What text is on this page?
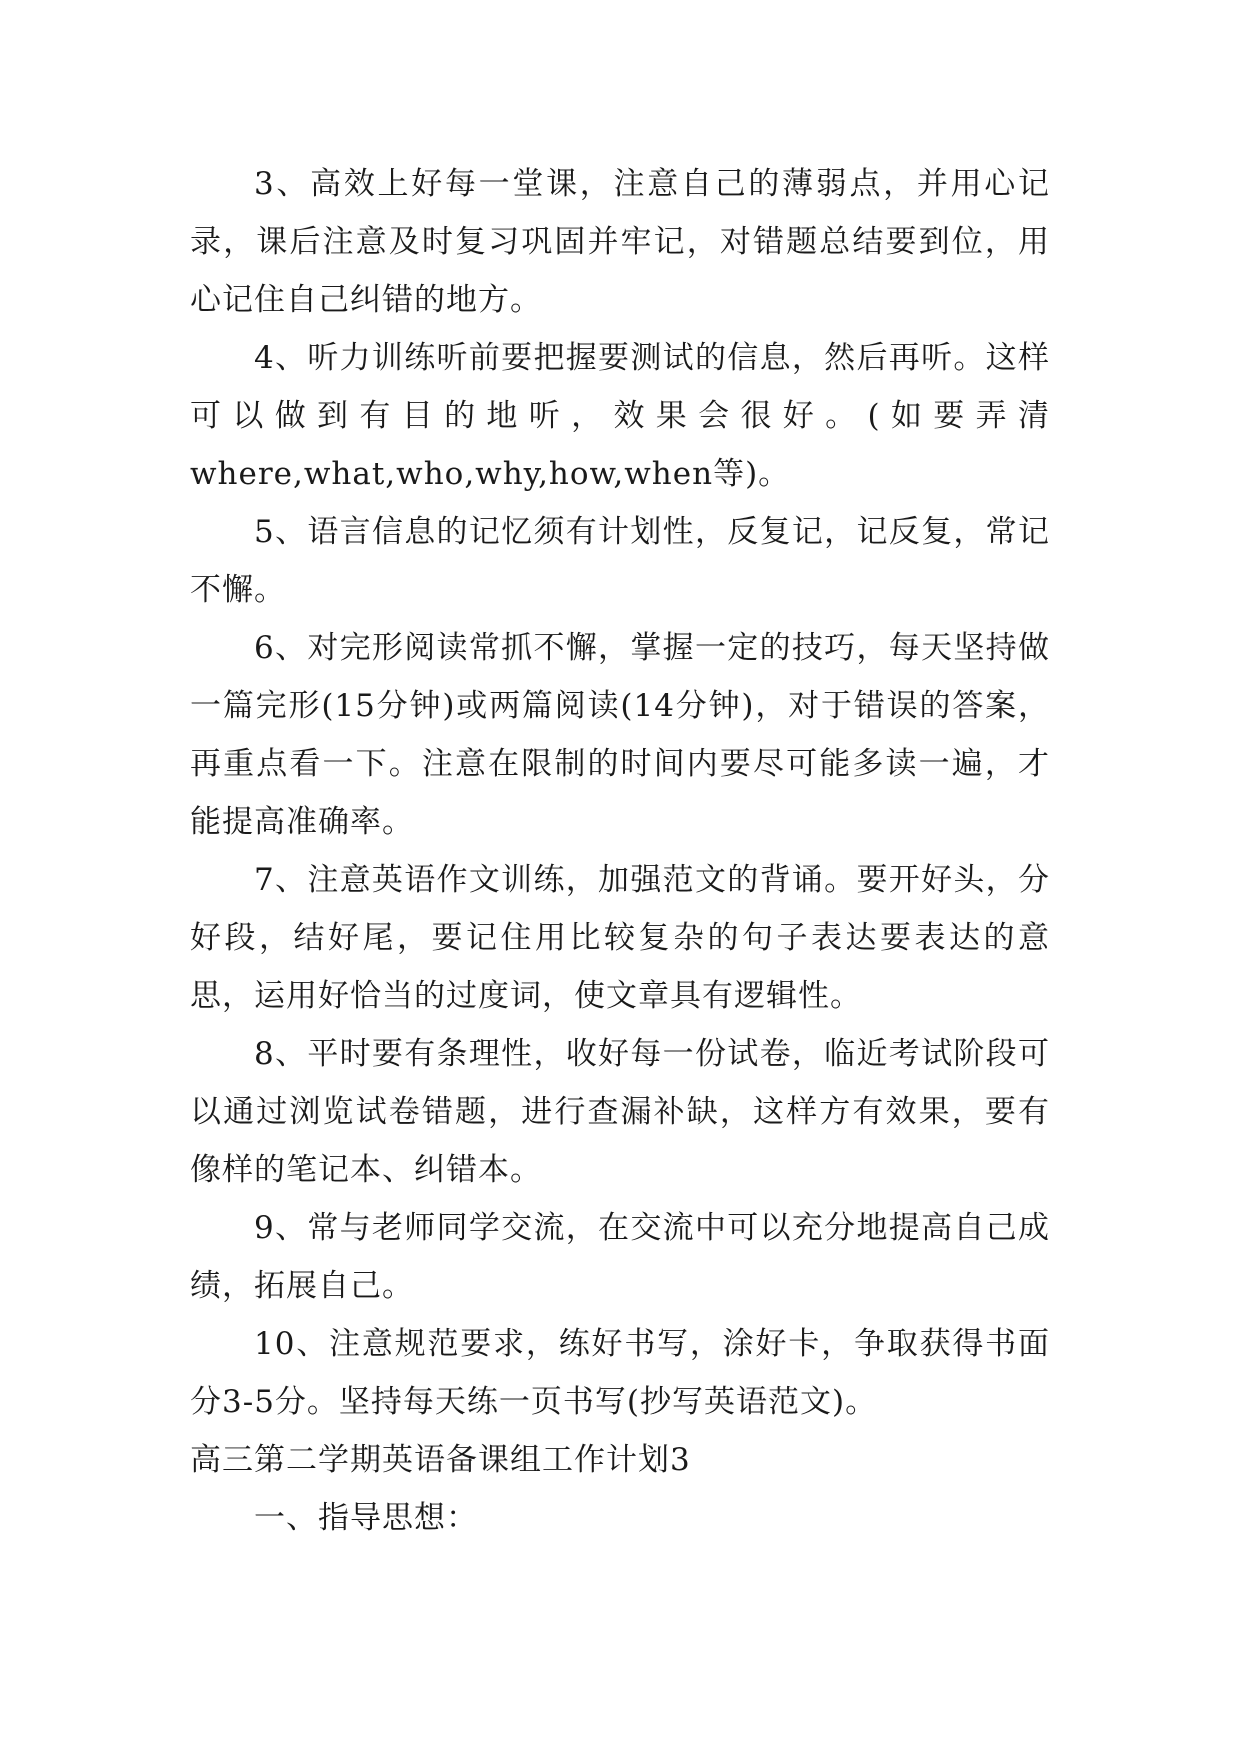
3、高效上好每一堂课，注意自己的薄弱点，并用心记录，课后注意及时复习巩固并牢记，对错题总结要到位，用心记住自己纠错的地方。

4、听力训练听前要把握要测试的信息，然后再听。这样可以做到有目的地听，效果会很好。(如要弄清where,what,who,why,how,when等)。

5、语言信息的记忆须有计划性，反复记，记反复，常记不懈。

6、对完形阅读常抓不懈，掌握一定的技巧，每天坚持做一篇完形(15分钟)或两篇阅读(14分钟)，对于错误的答案，再重点看一下。注意在限制的时间内要尽可能多读一遍，才能提高准确率。

7、注意英语作文训练，加强范文的背诵。要开好头，分好段，结好尾，要记住用比较复杂的句子表达要表达的意思，运用好恰当的过度词，使文章具有逻辑性。

8、平时要有条理性，收好每一份试卷，临近考试阶段可以通过浏览试卷错题，进行查漏补缺，这样方有效果，要有像样的笔记本、纠错本。

9、常与老师同学交流，在交流中可以充分地提高自己成绩，拓展自己。

10、注意规范要求，练好书写，涂好卡，争取获得书面分3-5分。坚持每天练一页书写(抄写英语范文)。

高三第二学期英语备课组工作计划3

一、指导思想：
